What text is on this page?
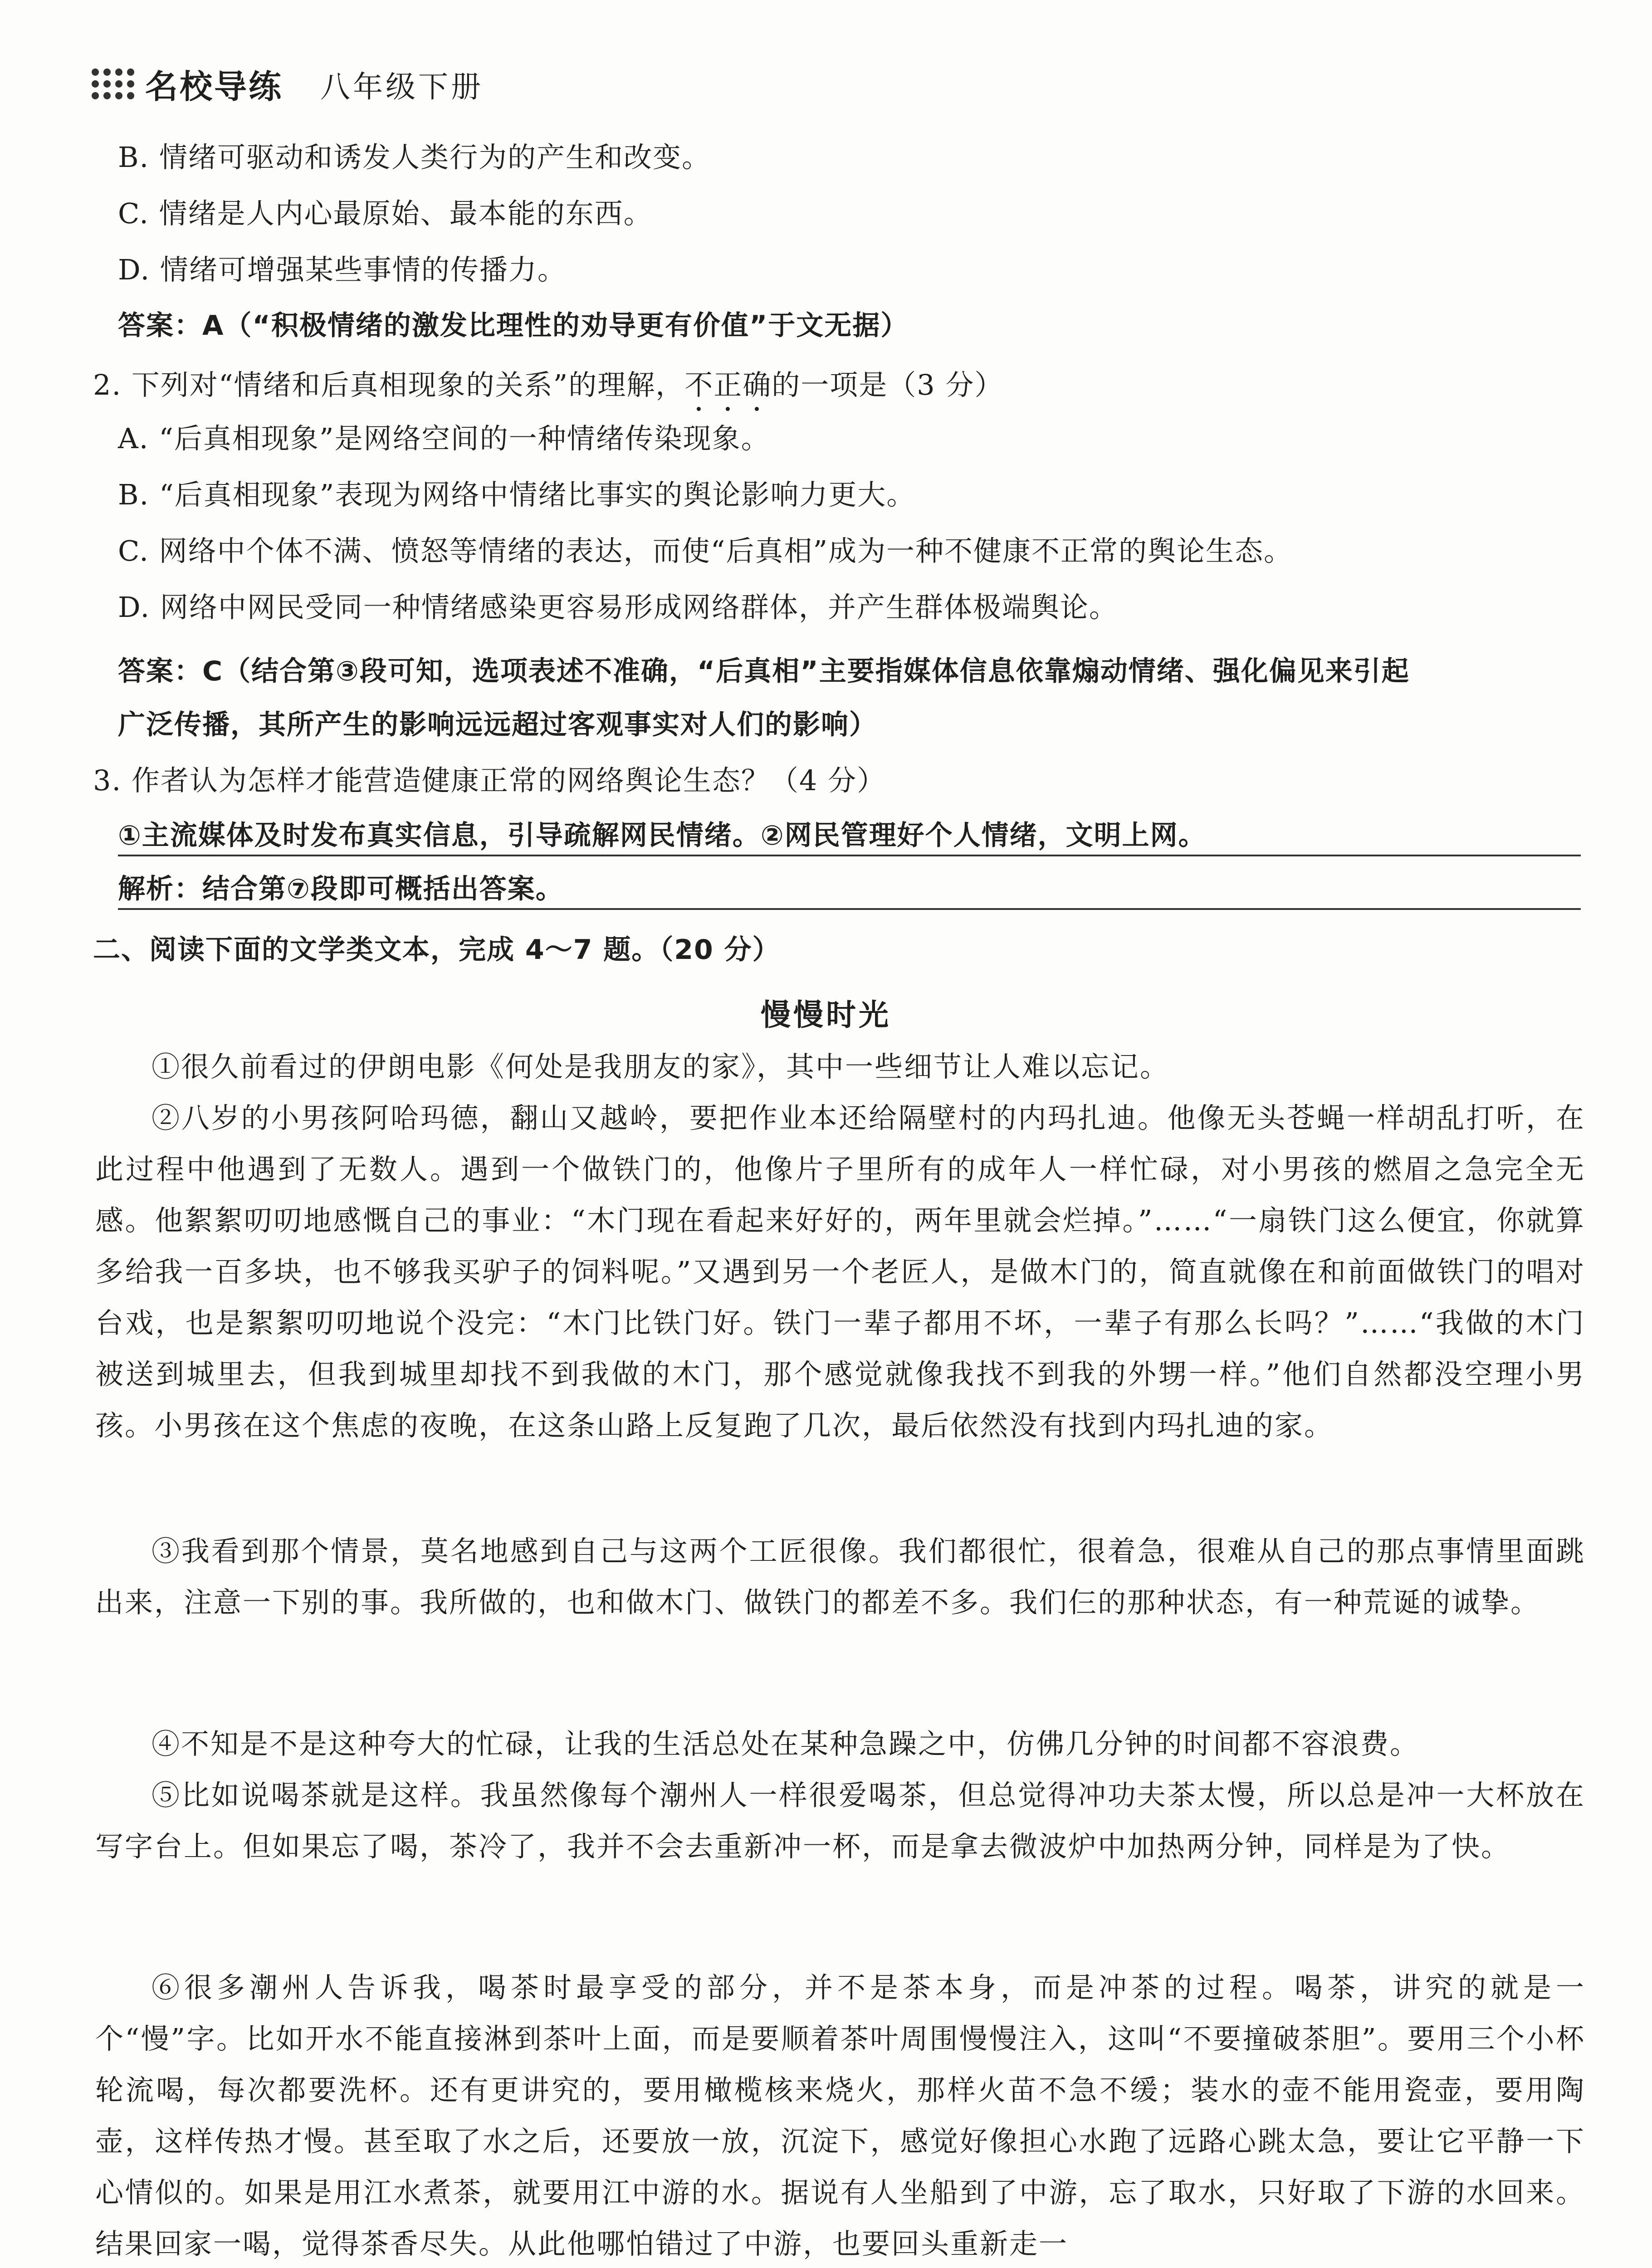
名校导练 八年级下册
B. 情绪可驱动和诱发人类行为的产生和改变。
C. 情绪是人内心最原始、最本能的东西。
D. 情绪可增强某些事情的传播力。
答案：A（“积极情绪的激发比理性的劝导更有价值”于文无据）
2. 下列对“情绪和后真相现象的关系”的理解，不正确的一项是（3 分）
A. “后真相现象”是网络空间的一种情绪传染现象。
B. “后真相现象”表现为网络中情绪比事实的舆论影响力更大。
C. 网络中个体不满、愤怒等情绪的表达，而使“后真相”成为一种不健康不正常的舆论生态。
D. 网络中网民受同一种情绪感染更容易形成网络群体，并产生群体极端舆论。
答案：C（结合第③段可知，选项表述不准确，“后真相”主要指媒体信息依靠煽动情绪、强化偏见来引起
广泛传播，其所产生的影响远远超过客观事实对人们的影响）
3. 作者认为怎样才能营造健康正常的网络舆论生态？（4 分）
①主流媒体及时发布真实信息，引导疏解网民情绪。②网民管理好个人情绪，文明上网。
解析：结合第⑦段即可概括出答案。
二、阅读下面的文学类文本，完成 4～7 题。（20 分）
慢慢时光
①很久前看过的伊朗电影《何处是我朋友的家》，其中一些细节让人难以忘记。
②八岁的小男孩阿哈玛德，翻山又越岭，要把作业本还给隔壁村的内玛扎迪。他像无头苍蝇一样胡乱打听，在此过程中他遇到了无数人。遇到一个做铁门的，他像片子里所有的成年人一样忙碌，对小男孩的燃眉之急完全无感。他絮絮叨叨地感慨自己的事业：“木门现在看起来好好的，两年里就会烂掉。”……“一扇铁门这么便宜，你就算多给我一百多块，也不够我买驴子的饲料呢。”又遇到另一个老匠人，是做木门的，简直就像在和前面做铁门的唱对台戏，也是絮絮叨叨地说个没完：“木门比铁门好。铁门一辈子都用不坏，一辈子有那么长吗？”……“我做的木门被送到城里去，但我到城里却找不到我做的木门，那个感觉就像我找不到我的外甥一样。”他们自然都没空理小男孩。小男孩在这个焦虑的夜晚，在这条山路上反复跑了几次，最后依然没有找到内玛扎迪的家。
③我看到那个情景，莫名地感到自己与这两个工匠很像。我们都很忙，很着急，很难从自己的那点事情里面跳出来，注意一下别的事。我所做的，也和做木门、做铁门的都差不多。我们仨的那种状态，有一种荒诞的诚挚。
④不知是不是这种夸大的忙碌，让我的生活总处在某种急躁之中，仿佛几分钟的时间都不容浪费。
⑤比如说喝茶就是这样。我虽然像每个潮州人一样很爱喝茶，但总觉得冲功夫茶太慢，所以总是冲一大杯放在写字台上。但如果忘了喝，茶冷了，我并不会去重新冲一杯，而是拿去微波炉中加热两分钟，同样是为了快。
⑥很多潮州人告诉我，喝茶时最享受的部分，并不是茶本身，而是冲茶的过程。喝茶，讲究的就是一个“慢”字。比如开水不能直接淋到茶叶上面，而是要顺着茶叶周围慢慢注入，这叫“不要撞破茶胆”。要用三个小杯轮流喝，每次都要洗杯。还有更讲究的，要用橄榄核来烧火，那样火苗不急不缓；装水的壶不能用瓷壶，要用陶壶，这样传热才慢。甚至取了水之后，还要放一放，沉淀下，感觉好像担心水跑了远路心跳太急，要让它平静一下心情似的。如果是用江水煮茶，就要用江中游的水。据说有人坐船到了中游，忘了取水，只好取了下游的水回来。结果回家一喝，觉得茶香尽失。从此他哪怕错过了中游，也要回头重新走一
